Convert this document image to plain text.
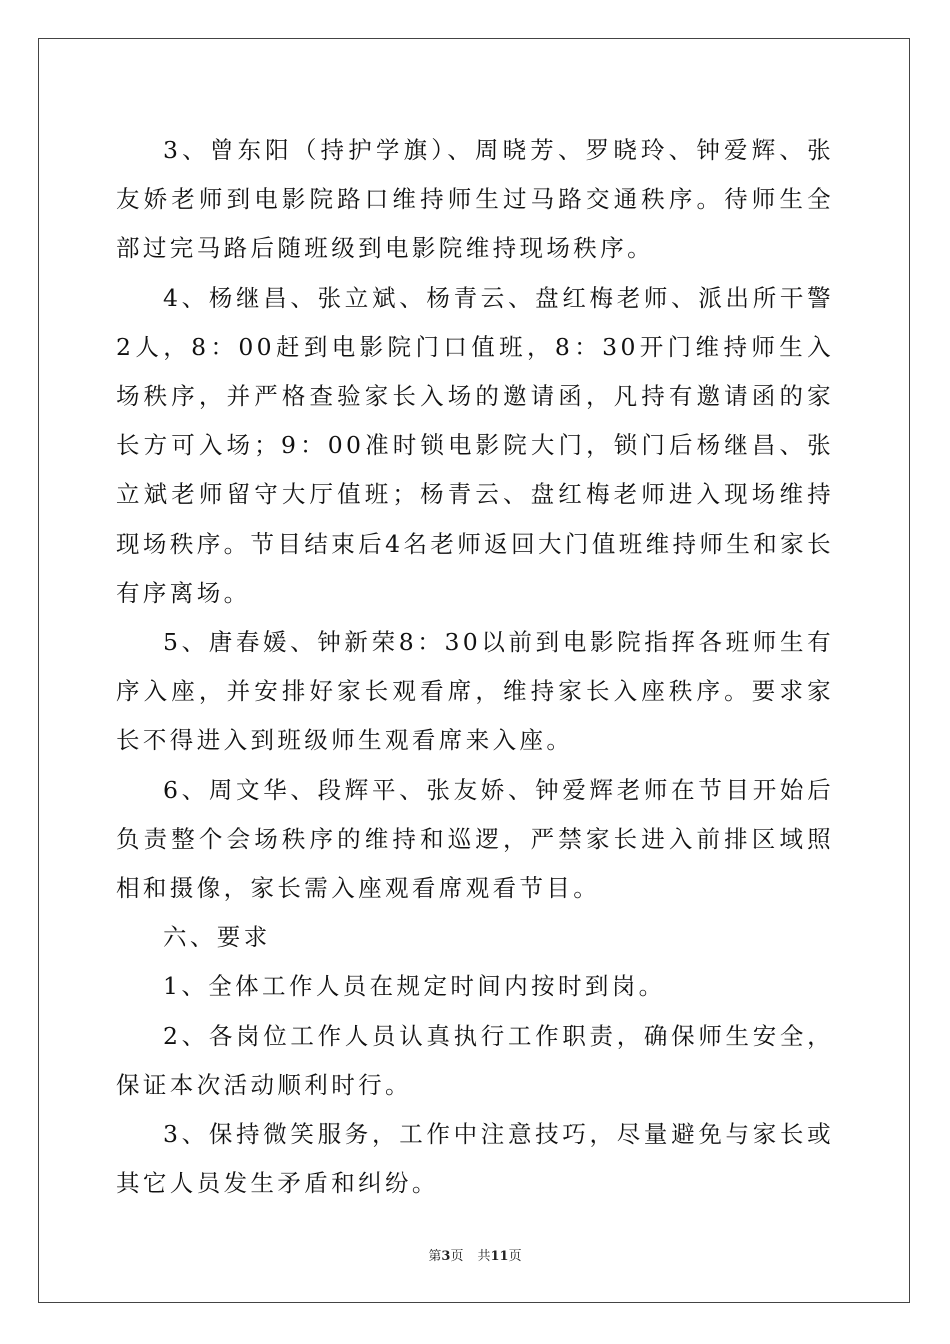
3、曾东阳（持护学旗）、周晓芳、罗晓玲、钟爱辉、张友娇老师到电影院路口维持师生过马路交通秩序。待师生全部过完马路后随班级到电影院维持现场秩序。

4、杨继昌、张立斌、杨青云、盘红梅老师、派出所干警2人，8：00赶到电影院门口值班，8：30开门维持师生入场秩序，并严格查验家长入场的邀请函，凡持有邀请函的家长方可入场；9：00准时锁电影院大门，锁门后杨继昌、张立斌老师留守大厅值班；杨青云、盘红梅老师进入现场维持现场秩序。节目结束后4名老师返回大门值班维持师生和家长有序离场。

5、唐春媛、钟新荣8：30以前到电影院指挥各班师生有序入座，并安排好家长观看席，维持家长入座秩序。要求家长不得进入到班级师生观看席来入座。

6、周文华、段辉平、张友娇、钟爱辉老师在节目开始后负责整个会场秩序的维持和巡逻，严禁家长进入前排区域照相和摄像，家长需入座观看席观看节目。

六、要求

1、全体工作人员在规定时间内按时到岗。

2、各岗位工作人员认真执行工作职责，确保师生安全，保证本次活动顺利时行。

3、保持微笑服务，工作中注意技巧，尽量避免与家长或其它人员发生矛盾和纠纷。

第3页 共11页
